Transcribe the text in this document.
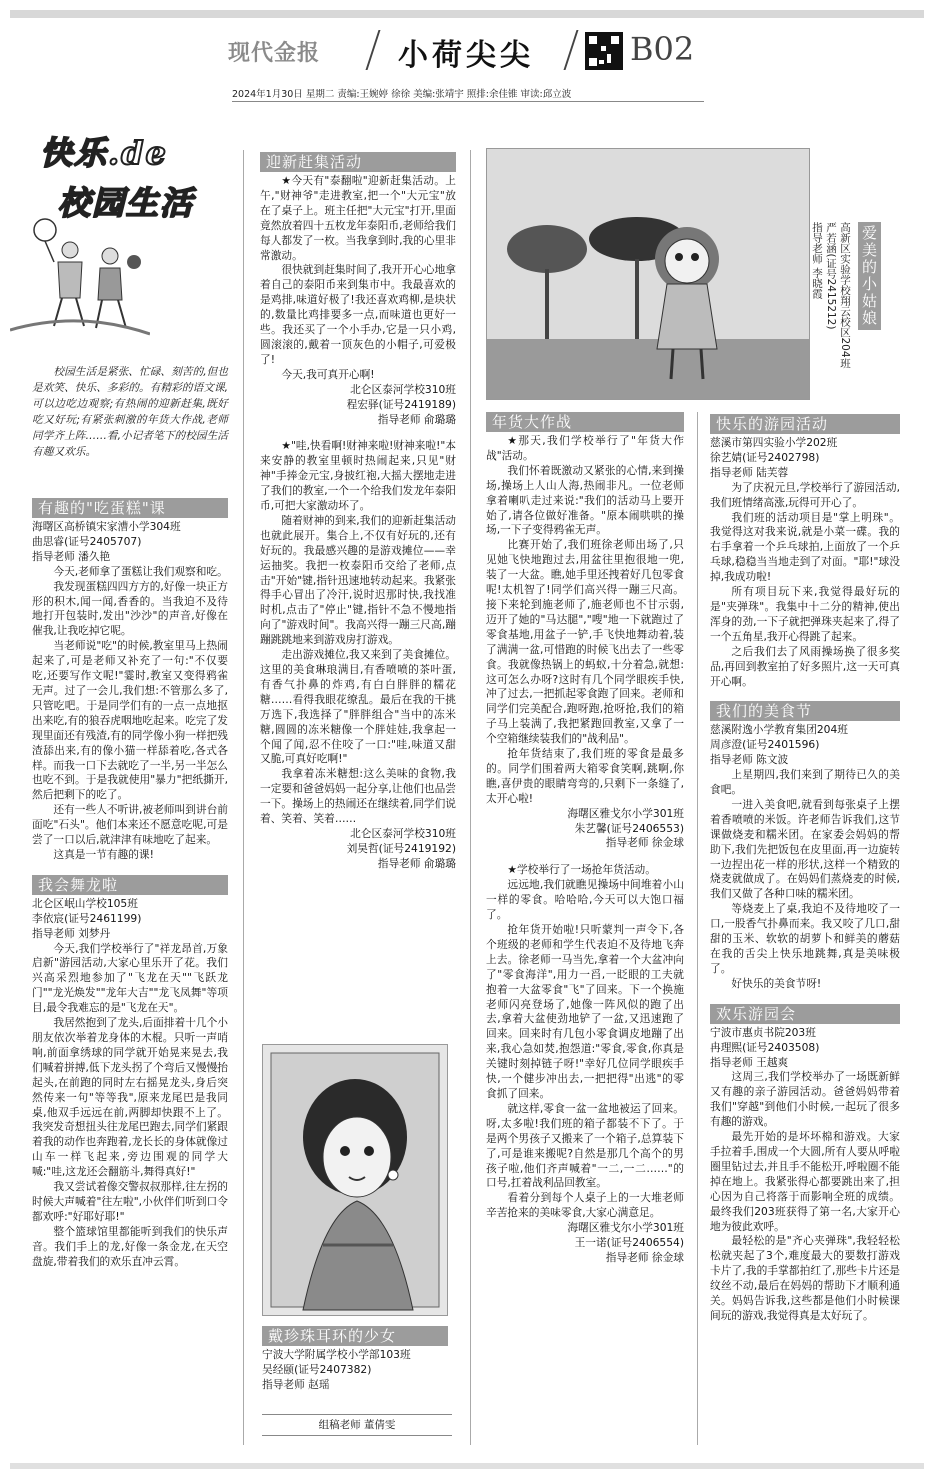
现代金报	小荷尖尖	B02
2024年1月30日 星期二 责编:王婉婷 徐徐 美编:张靖宇 照排:余佳锥 审读:邱立波
快乐.de
校园生活

校园生活是紧张、忙碌、刻苦的,但也是欢笑、快乐、多彩的。有精彩的语文课,可以边吃边观察;有热闹的迎新赶集,既好吃又好玩;有紧张刺激的年货大作战,老师同学齐上阵……看,小记者笔下的校园生活有趣又欢乐。

有趣的"吃蛋糕"课

海曙区高桥镇宋家漕小学304班

曲思睿(证号2405707)

指导老师 潘久艳

今天,老师拿了蛋糕让我们观察和吃。

我发现蛋糕四四方方的,好像一块正方形的积木,闻一闻,香香的。当我迫不及待地打开包装时,发出"沙沙"的声音,好像在催我,让我吃掉它呢。

当老师说"吃"的时候,教室里马上热闹起来了,可是老师又补充了一句:"不仅要吃,还要写作文呢!"霎时,教室又变得鸦雀无声。过了一会儿,我们想:不管那么多了,只管吃吧。于是同学们有的一点一点地抠出来吃,有的狼吞虎咽地吃起来。吃完了发现里面还有残渣,有的同学像小狗一样把残渣舔出来,有的像小猫一样舔着吃,各式各样。而我一口下去就吃了一半,另一半怎么也吃不到。于是我就使用"暴力"把纸撕开,然后把剩下的吃了。

还有一些人不听讲,被老师叫到讲台前面吃"石头"。他们本来还不愿意吃呢,可是尝了一口以后,就津津有味地吃了起来。

这真是一节有趣的课!

我会舞龙啦

北仑区岷山学校105班

李依宸(证号2461199)

指导老师 刘梦丹

今天,我们学校举行了"祥龙昂首,万象启新"游园活动,大家心里乐开了花。我们兴高采烈地参加了"飞龙在天""飞跃龙门""龙光焕发""龙年大吉""龙飞凤舞"等项目,最令我难忘的是"飞龙在天"。

我居然抱到了龙头,后面排着十几个小朋友依次举着龙身体的木棍。只听一声哨响,前面拿绣球的同学就开始晃来晃去,我们喊着拼搏,低下龙头拐了个弯后又慢慢抬起头,在前跑的同时左右摇晃龙头,身后突然传来一句"等等我",原来龙尾巴是我同桌,他双手远远在前,两脚却快跟不上了。我突发奇想扭头往龙尾巴跑去,同学们紧跟着我的动作也奔跑着,龙长长的身体就像过山车一样飞起来,旁边围观的同学大喊:"哇,这龙还会翻筋斗,舞得真好!"

我又尝试着像交警叔叔那样,往左拐的时候大声喊着"往左啦",小伙伴们听到口令都欢呼:"好耶好耶!"

整个篮球馆里都能听到我们的快乐声音。我们手上的龙,好像一条金龙,在天空盘旋,带着我们的欢乐直冲云霄。

迎新赶集活动

★今天有"泰翻啦"迎新赶集活动。上午,"财神爷"走进教室,把一个"大元宝"放在了桌子上。班主任把"大元宝"打开,里面竟然放着四十五枚龙年泰阳币,老师给我们每人都发了一枚。当我拿到时,我的心里非常激动。

很快就到赶集时间了,我开开心心地拿着自己的泰阳币来到集市中。我最喜欢的是鸡排,味道好极了!我还喜欢鸡柳,是块状的,数量比鸡排要多一点,而味道也更好一些。我还买了一个小手办,它是一只小鸡,圆滚滚的,戴着一顶灰色的小帽子,可爱极了!

今天,我可真开心啊!

北仑区泰河学校310班

程宏驿(证号2419189)

指导老师 俞璐璐

★"哇,快看啊!财神来啦!财神来啦!"本来安静的教室里顿时热闹起来,只见"财神"手捧金元宝,身披红袍,大摇大摆地走进了我们的教室,一个一个给我们发龙年泰阳币,可把大家激动坏了。

随着财神的到来,我们的迎新赶集活动也就此展开。集合上,不仅有好玩的,还有好玩的。我最感兴趣的是游戏摊位——幸运抽奖。我把一枚泰阳币交给了老师,点击"开始"键,指针迅速地转动起来。我紧张得手心冒出了冷汗,说时迟那时快,我找准时机,点击了"停止"键,指针不急不慢地指向了"游戏时间"。我高兴得一蹦三尺高,蹦蹦跳跳地来到游戏房打游戏。

走出游戏摊位,我又来到了美食摊位。这里的美食琳琅满目,有香喷喷的茶叶蛋,有香气扑鼻的炸鸡,有白白胖胖的糯花糖……看得我眼花缭乱。最后在我的干挑万选下,我选择了"胖胖组合"当中的冻米糖,圆圆的冻米糖像一个胖娃娃,我拿起一个闻了闻,忍不住咬了一口:"哇,味道又甜又脆,可真好吃啊!"

我拿着冻米糖想:这么美味的食物,我一定要和爸爸妈妈一起分享,让他们也品尝一下。操场上的热闹还在继续着,同学们说着、笑着、笑着……

北仑区泰河学校310班

刘昊哲(证号2419192)

指导老师 俞璐璐

戴珍珠耳环的少女

宁波大学附属学校小学部103班

吴经颐(证号2407382)

指导老师 赵瑶

组稿老师 董倩雯
爱美的小姑娘
高新区实验学校翔云校区204班
严若涵(证号2415212)
指导老师 李晓霞
年货大作战

★那天,我们学校举行了"年货大作战"活动。

我们怀着既激动又紧张的心情,来到操场,操场上人山人海,热闹非凡。一位老师拿着喇叭走过来说:"我们的活动马上要开始了,请各位做好准备。"原本闹哄哄的操场,一下子变得鸦雀无声。

比赛开始了,我们班徐老师出场了,只见她飞快地跑过去,用盆往里抱很地一兜,装了一大盆。瞧,她手里还拽着好几包零食呢!太机智了!同学们高兴得一蹦三尺高。接下来轮到施老师了,施老师也不甘示弱,迈开了她的"马达腿","嗖"地一下就跑过了零食基地,用盆子一铲,手飞快地舞动着,装了满满一盆,可惜跑的时候飞出去了一些零食。我就像热锅上的蚂蚁,十分着急,就想:这可怎么办呀?这时有几个同学眼疾手快,冲了过去,一把抓起零食跑了回来。老师和同学们完美配合,跑呀跑,抢呀抢,我们的箱子马上装满了,我把紧跑回教室,又拿了一个空箱继续装我们的"战利品"。

抢年货结束了,我们班的零食是最多的。同学们围着两大箱零食笑啊,跳啊,你瞧,喜伊贵的眼睛弯弯的,只剩下一条缝了,太开心啦!

海曙区雅戈尔小学301班

朱艺馨(证号2406553)

指导老师 徐金球

★学校举行了一场抢年货活动。

远远地,我们就瞧见操场中间堆着小山一样的零食。哈哈哈,今天可以大饱口福了。

抢年货开始啦!只听蒙判一声令下,各个班级的老师和学生代表迫不及待地飞奔上去。徐老师一马当先,拿着一个大盆冲向了"零食海洋",用力一舀,一眨眼的工夫就抱着一大盆零食"飞"了回来。下一个换施老师闪亮登场了,她像一阵风似的跑了出去,拿着大盆使劲地铲了一盆,又迅速跑了回来。回来时有几包小零食调皮地蹦了出来,我心急如焚,抱怨道:"零食,零食,你真是关键时刻掉链子呀!"幸好几位同学眼疾手快,一个健步冲出去,一把把得"出逃"的零食抓了回来。

就这样,零食一盆一盆地被运了回来。呀,太多啦!我们班的箱子都装不下了。于是两个男孩子又搬来了一个箱子,总算装下了,可是谁来搬呢?自然是那几个高个的男孩子啦,他们齐声喊着"一二,一二……"的口号,扛着战利品回教室。

看着分到每个人桌子上的一大堆老师辛苦抢来的美味零食,大家心满意足。

海曙区雅戈尔小学301班

王一诺(证号2406554)

指导老师 徐金球

快乐的游园活动

慈溪市第四实验小学202班

徐艺婧(证号2402798)

指导老师 陆芙蓉

为了庆祝元旦,学校举行了游园活动,我们班情绪高涨,玩得可开心了。

我们班的活动项目是"掌上明珠"。我觉得这对我来说,就是小菜一碟。我的右手拿着一个乒乓球拍,上面放了一个乒乓球,稳稳当当地走到了对面。"耶!"球没掉,我成功啦!

所有项目玩下来,我觉得最好玩的是"夹弹珠"。我集中十二分的精神,使出浑身的劲,一下子就把弹珠夹起来了,得了一个五角星,我开心得跳了起来。

之后我们去了风雨操场换了很多奖品,再回到教室拍了好多照片,这一天可真开心啊。

我们的美食节

慈溪附逸小学教育集团204班

周彦澄(证号2401596)

指导老师 陈文波

上星期四,我们来到了期待已久的美食吧。

一进入美食吧,就看到每张桌子上摆着香喷喷的米饭。许老师告诉我们,这节课做烧麦和糯米团。在家委会妈妈的帮助下,我们先把饭包在皮里面,再一边旋转一边捏出花一样的形状,这样一个精致的烧麦就做成了。在妈妈们蒸烧麦的时候,我们又做了各种口味的糯米团。

等烧麦上了桌,我迫不及待地咬了一口,一股香气扑鼻而来。我又咬了几口,甜甜的玉米、软软的胡萝卜和鲜美的蘑菇在我的舌尖上快乐地跳舞,真是美味极了。

好快乐的美食节呀!

欢乐游园会

宁波市惠贞书院203班

冉理熙(证号2403508)

指导老师 王越爽

这周三,我们学校举办了一场既新鲜又有趣的亲子游园活动。爸爸妈妈带着我们"穿越"到他们小时候,一起玩了很多有趣的游戏。

最先开始的是坏坏棉和游戏。大家手拉着手,围成一个大圆,所有人要从呼啦圈里钻过去,并且手不能松开,呼啦圈不能掉在地上。我紧张得心都要跳出来了,担心因为自己将落于而影响全班的成绩。最终我们203班获得了第一名,大家开心地为彼此欢呼。

最轻松的是"齐心夹弹珠",我轻轻松松就夹起了3个,难度最大的要数打游戏卡片了,我的手掌都拍红了,那些卡片还是纹丝不动,最后在妈妈的帮助下才顺利通关。妈妈告诉我,这些都是他们小时候课间玩的游戏,我觉得真是太好玩了。
